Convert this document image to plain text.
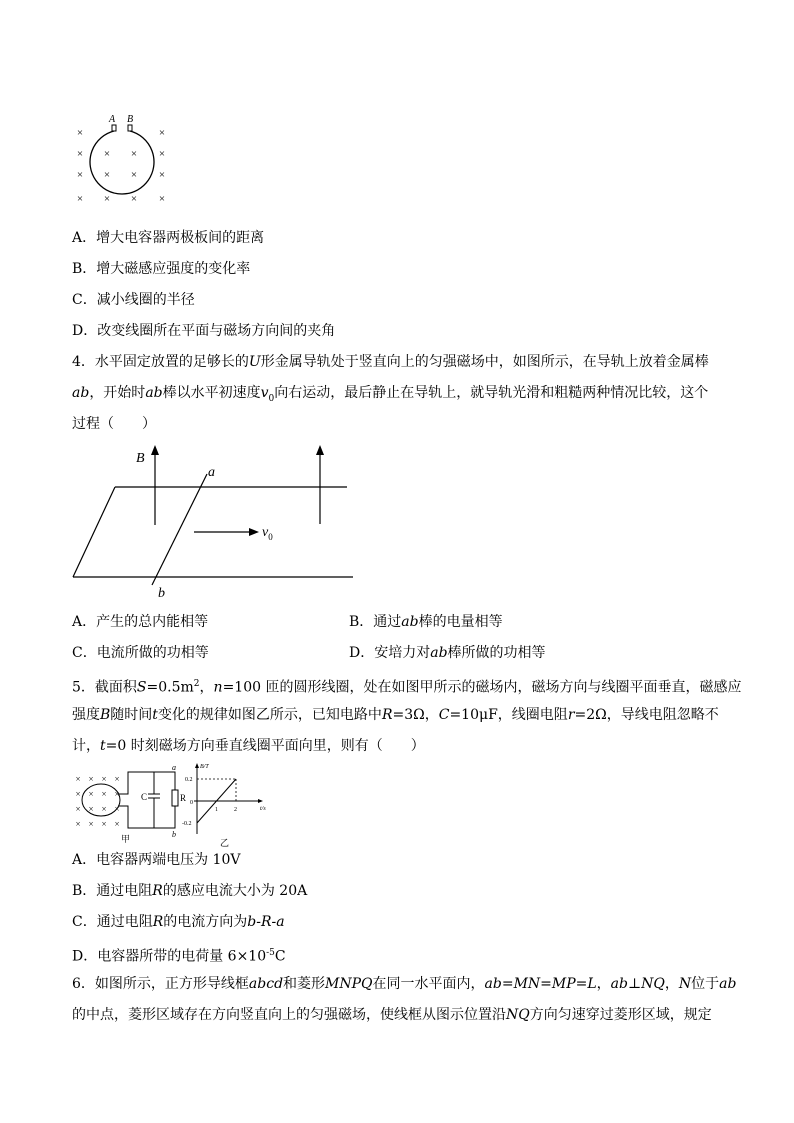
×	×
× × × ×
× × × ×
× × × ×
A B
A．增大电容器两极板间的距离
B．增大磁感应强度的变化率
C．减小线圈的半径
D．改变线圈所在平面与磁场方向间的夹角
4．水平固定放置的足够长的U形金属导轨处于竖直向上的匀强磁场中，如图所示，在导轨上放着金属棒
ab，开始时ab棒以水平初速度$v_0$向右运动，最后静止在导轨上，就导轨光滑和粗糙两种情况比较，这个
过程（　　）
B
a
b
$v_0$
A．产生的总内能相等	B．通过ab棒的电量相等
C．电流所做的功相等	D．安培力对ab棒所做的功相等
5．截面积$S=0.5m^2$，n=100 匝的圆形线圈，处在如图甲所示的磁场内，磁场方向与线圈平面垂直，磁感应
强度B随时间t变化的规律如图乙所示，已知电路中R=3Ω，C=10μF，线圈电阻r=2Ω，导线电阻忽略不
计，t=0 时刻磁场方向垂直线圈平面向里，则有（　　）
× × × ×
× × × ×
× × × ×
× × × ×
C	R
a
b
甲
B/T
t/s
0.2
-0.2
0
1	2
乙
A．电容器两端电压为 10V
B．通过电阻R的感应电流大小为 20A
C．通过电阻R的电流方向为b-R-a
D．电容器所带的电荷量 $6\times 10^{-5}C$
6．如图所示，正方形导线框abcd和菱形MNPQ在同一水平面内，ab=MN=MP=L，ab⊥NQ，N位于ab
的中点，菱形区域存在方向竖直向上的匀强磁场，使线框从图示位置沿NQ方向匀速穿过菱形区域，规定
